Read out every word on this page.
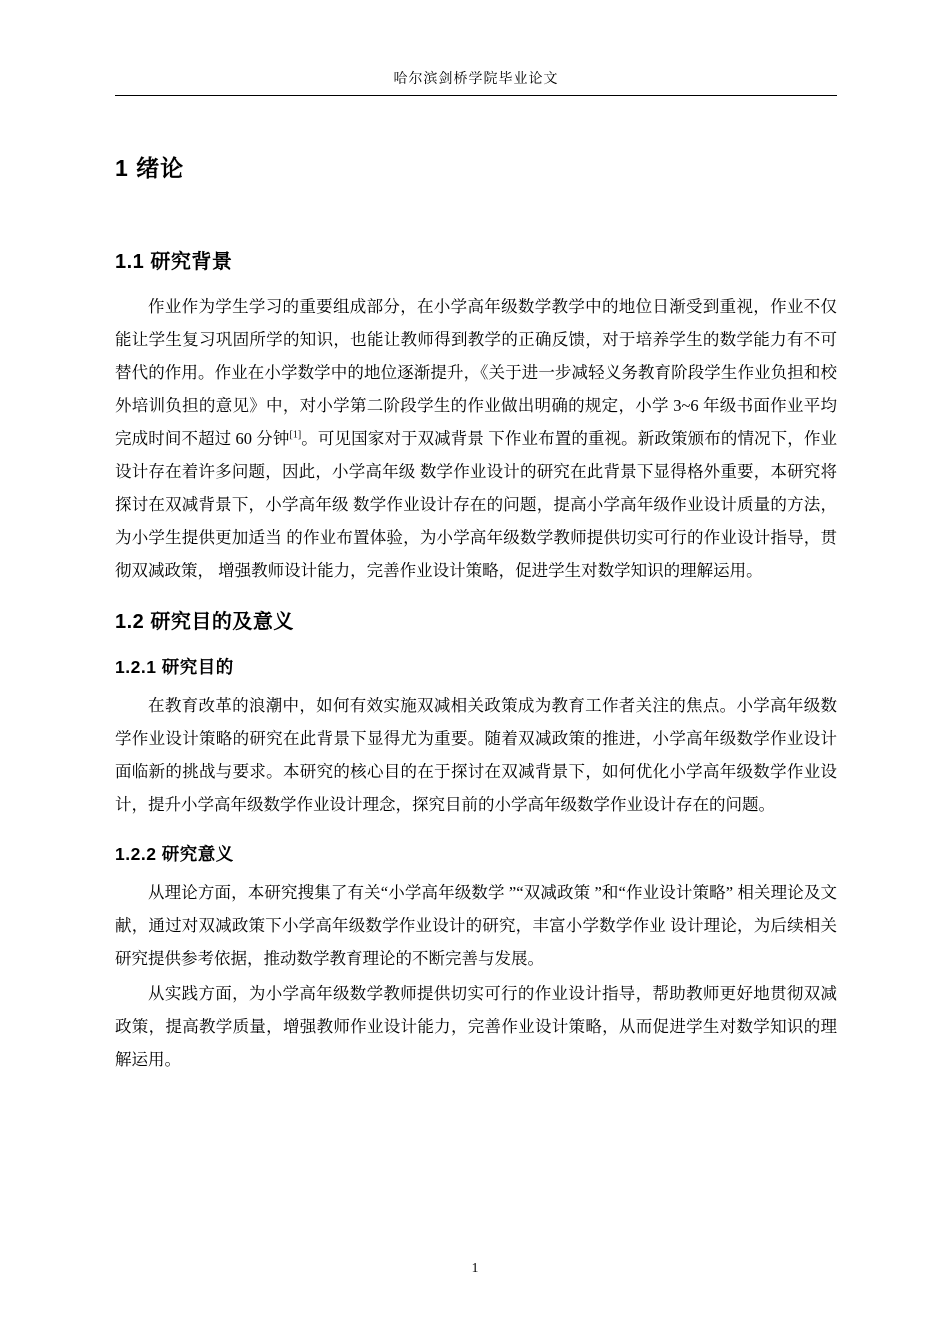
哈尔滨剑桥学院毕业论文
1 绪论
1.1 研究背景

作业作为学生学习的重要组成部分，在小学高年级数学教学中的地位日渐受到重视，作业不仅能让学生复习巩固所学的知识，也能让教师得到教学的正确反馈，对于培养学生的数学能力有不可替代的作用。作业在小学数学中的地位逐渐提升，《关于进一步减轻义务教育阶段学生作业负担和校外培训负担的意见》中，对小学第二阶段学生的作业做出明确的规定，小学 3~6 年级书面作业平均完成时间不超过 60 分钟[1]。可见国家对于双减背景 下作业布置的重视。新政策颁布的情况下，作业设计存在着许多问题，因此，小学高年级 数学作业设计的研究在此背景下显得格外重要，本研究将探讨在双减背景下，小学高年级 数学作业设计存在的问题，提高小学高年级作业设计质量的方法，为小学生提供更加适当 的作业布置体验，为小学高年级数学教师提供切实可行的作业设计指导，贯彻双减政策， 增强教师设计能力，完善作业设计策略，促进学生对数学知识的理解运用。

1.2 研究目的及意义
1.2.1 研究目的

在教育改革的浪潮中，如何有效实施双减相关政策成为教育工作者关注的焦点。小学高年级数学作业设计策略的研究在此背景下显得尤为重要。随着双减政策的推进，小学高年级数学作业设计面临新的挑战与要求。本研究的核心目的在于探讨在双减背景下，如何优化小学高年级数学作业设计，提升小学高年级数学作业设计理念，探究目前的小学高年级数学作业设计存在的问题。

1.2.2 研究意义

从理论方面，本研究搜集了有关“小学高年级数学 ”“双减政策 ”和“作业设计策略” 相关理论及文献，通过对双减政策下小学高年级数学作业设计的研究，丰富小学数学作业 设计理论，为后续相关研究提供参考依据，推动数学教育理论的不断完善与发展。

从实践方面，为小学高年级数学教师提供切实可行的作业设计指导，帮助教师更好地贯彻双减政策，提高教学质量，增强教师作业设计能力，完善作业设计策略，从而促进学生对数学知识的理解运用。

1
